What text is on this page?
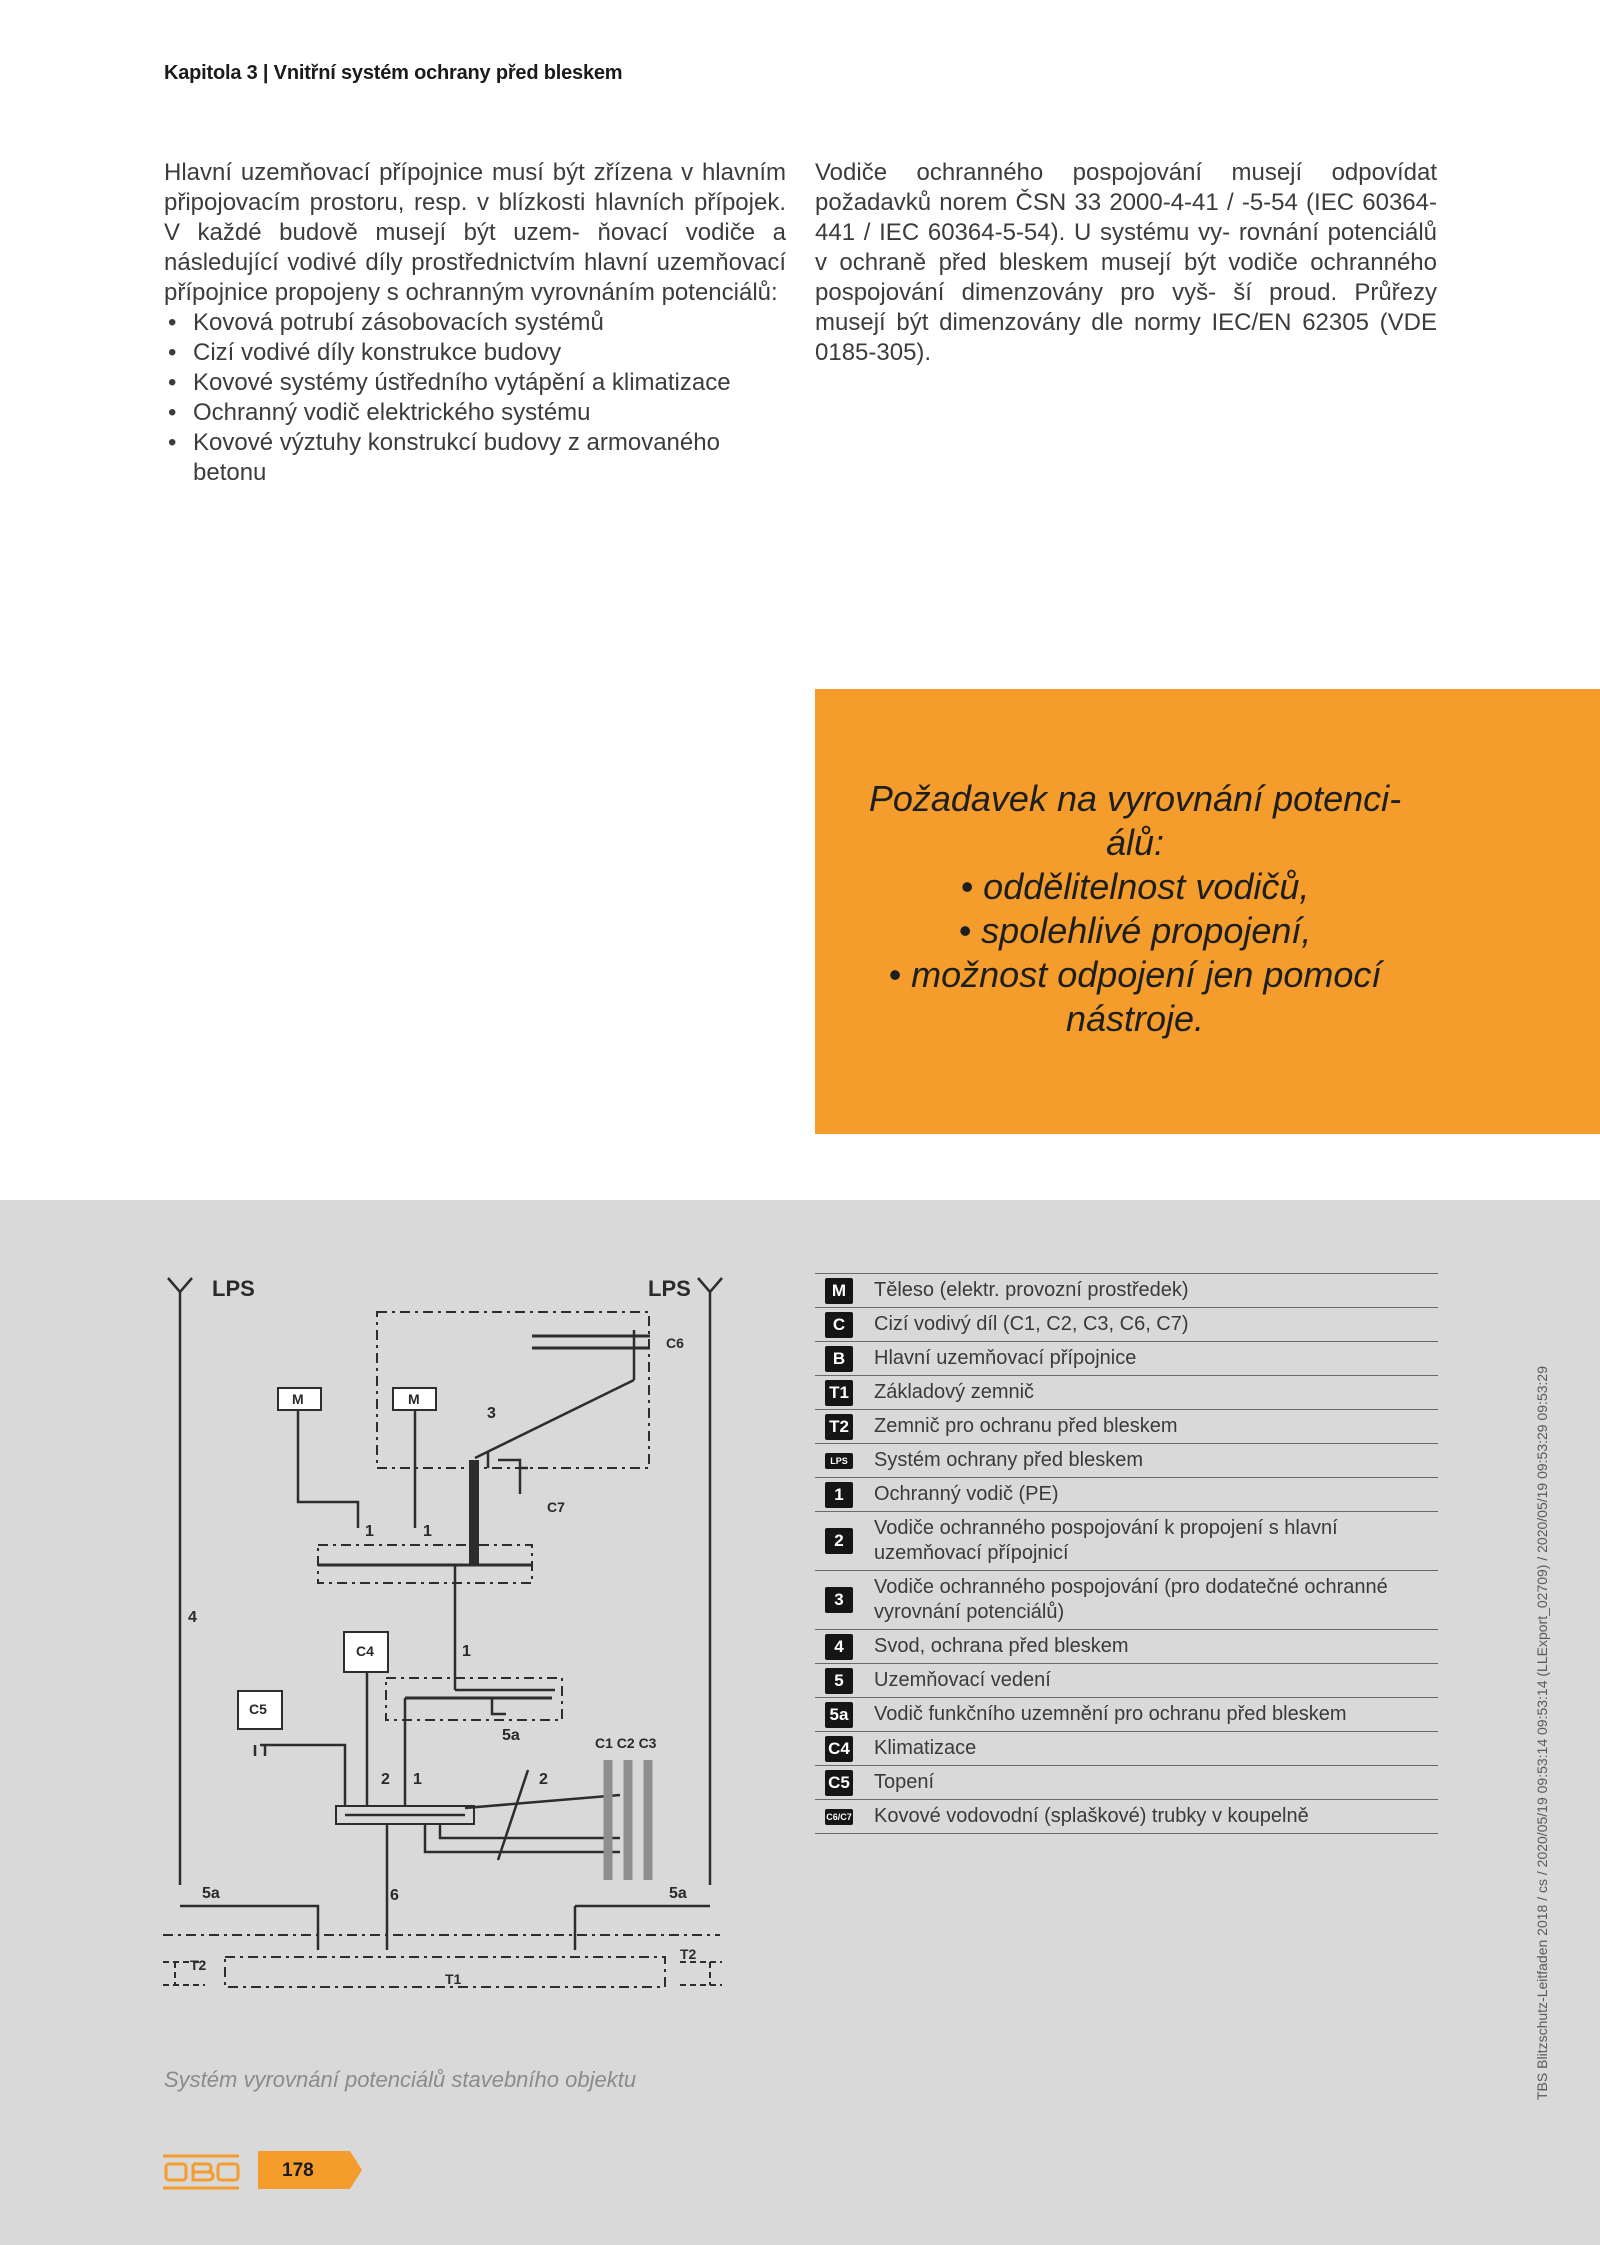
Kapitola 3 | Vnitřní systém ochrany před bleskem

Hlavní uzemňovací přípojnice musí být zřízena v hlavním připojovacím prostoru, resp. v blízkosti hlavních přípojek. V každé budově musejí být uzem- ňovací vodiče a následující vodivé díly prostřednictvím hlavní uzemňovací přípojnice propojeny s ochranným vyrovnáním potenciálů:

• Kovová potrubí zásobovacích systémů
• Cizí vodivé díly konstrukce budovy
• Kovové systémy ústředního vytápění a klimatizace
• Ochranný vodič elektrického systému
• Kovové výztuhy konstrukcí budovy z armovaného betonu

Vodiče ochranného pospojování musejí odpovídat požadavků norem ČSN 33 2000-4-41 / -5-54 (IEC 60364-441 / IEC 60364-5-54). U systému vy- rovnání potenciálů v ochraně před bleskem musejí být vodiče ochranného pospojování dimenzovány pro vyš- ší proud. Průřezy musejí být dimenzovány dle normy IEC/EN 62305 (VDE 0185-305).

Požadavek na vyrovnání potenci-
álů:
• oddělitelnost vodičů,
• spolehlivé propojení,
• možnost odpojení jen pomocí
nástroje.
LPS	LPS
C6
M	M
3
C7
1	1
4
C4	1
C5
5a	C1 C2 C3
2 1	2
5a	6	5a
T2
T2
T1
M	Těleso (elektr. provozní prostředek)
C	Cizí vodivý díl (C1, C2, C3, C6, C7)
B	Hlavní uzemňovací přípojnice
T1 Základový zemnič
T2 Zemnič pro ochranu před bleskem
LPS Systém ochrany před bleskem
1	Ochranný vodič (PE)
2
Vodiče ochranného pospojování k propojení s hlavní uzemňovací přípojnicí
3
Vodiče ochranného pospojování (pro dodatečné ochranné vyrovnání potenciálů)
4	Svod, ochrana před bleskem
5	Uzemňovací vedení
5a Vodič funkčního uzemnění pro ochranu před bleskem
C4 Klimatizace
C5 Topení
C6/C7 Kovové vodovodní (splaškové) trubky v koupelně
Systém vyrovnání potenciálů stavebního objektu	TBS Blitzschutz-Leitfaden 2018 / cs / 2020/05/19 09:53:14 09:53:14 (LLExport_02709) / 2020/05/19 09:53:29 09:53:29
178
